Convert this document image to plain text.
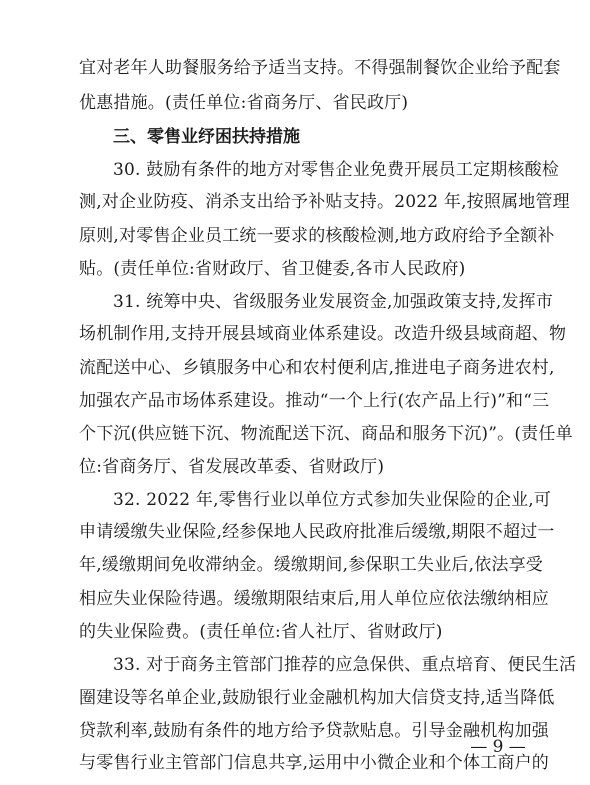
宜对老年人助餐服务给予适当支持。不得强制餐饮企业给予配套
优惠措施。(责任单位:省商务厅、省民政厅)
三、零售业纾困扶持措施
30. 鼓励有条件的地方对零售企业免费开展员工定期核酸检
测,对企业防疫、消杀支出给予补贴支持。2022 年,按照属地管理
原则,对零售企业员工统一要求的核酸检测,地方政府给予全额补
贴。(责任单位:省财政厅、省卫健委,各市人民政府)
31. 统筹中央、省级服务业发展资金,加强政策支持,发挥市
场机制作用,支持开展县域商业体系建设。改造升级县域商超、物
流配送中心、乡镇服务中心和农村便利店,推进电子商务进农村,
加强农产品市场体系建设。推动“一个上行(农产品上行)”和“三
个下沉(供应链下沉、物流配送下沉、商品和服务下沉)”。(责任单
位:省商务厅、省发展改革委、省财政厅)
32. 2022 年,零售行业以单位方式参加失业保险的企业,可
申请缓缴失业保险,经参保地人民政府批准后缓缴,期限不超过一
年,缓缴期间免收滞纳金。缓缴期间,参保职工失业后,依法享受
相应失业保险待遇。缓缴期限结束后,用人单位应依法缴纳相应
的失业保险费。(责任单位:省人社厅、省财政厅)
33. 对于商务主管部门推荐的应急保供、重点培育、便民生活
圈建设等名单企业,鼓励银行业金融机构加大信贷支持,适当降低
贷款利率,鼓励有条件的地方给予贷款贴息。引导金融机构加强
与零售行业主管部门信息共享,运用中小微企业和个体工商户的
— 9 —
